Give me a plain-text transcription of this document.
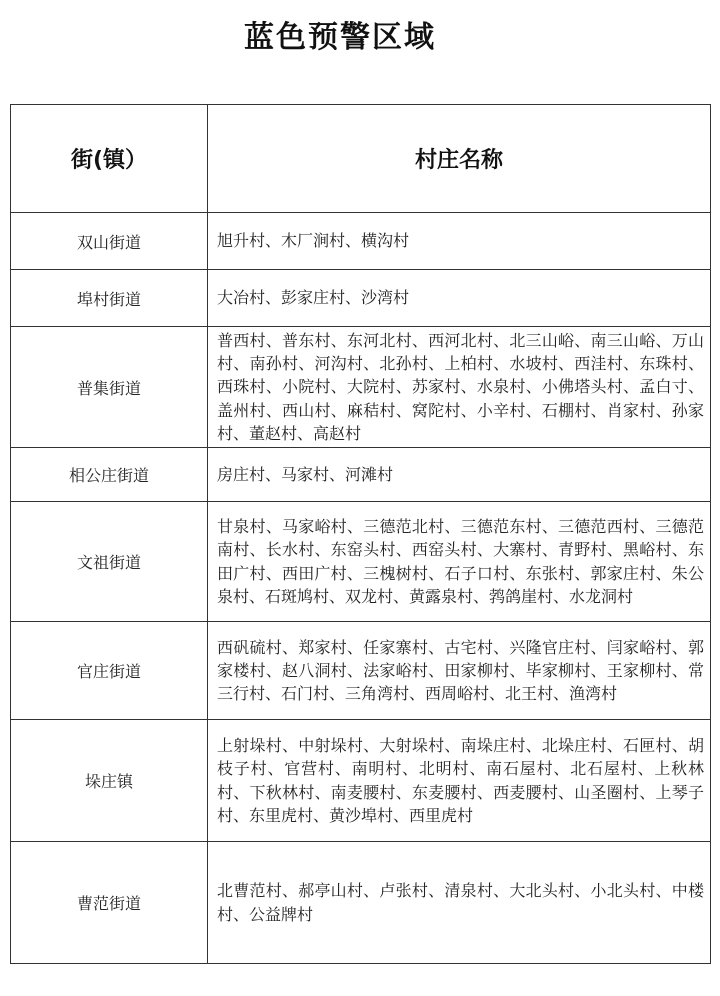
蓝色预警区域
街(镇）	村庄名称
双山街道	旭升村、木厂涧村、横沟村
埠村街道	大冶村、彭家庄村、沙湾村
普集街道	普西村、普东村、东河北村、西河北村、北三山峪、南三山峪、万山村、南孙村、河沟村、北孙村、上柏村、水坡村、西洼村、东珠村、西珠村、小院村、大院村、苏家村、水泉村、小佛塔头村、孟白寸、盖州村、西山村、麻秸村、窝陀村、小辛村、石棚村、肖家村、孙家村、董赵村、高赵村
相公庄街道	房庄村、马家村、河滩村
文祖街道	甘泉村、马家峪村、三德范北村、三德范东村、三德范西村、三德范南村、长水村、东窑头村、西窑头村、大寨村、青野村、黑峪村、东田广村、西田广村、三槐树村、石子口村、东张村、郭家庄村、朱公泉村、石斑鸠村、双龙村、黄露泉村、鹁鸽崖村、水龙洞村
官庄街道	西矾硫村、郑家村、任家寨村、古宅村、兴隆官庄村、闫家峪村、郭家楼村、赵八洞村、法家峪村、田家柳村、毕家柳村、王家柳村、常三行村、石门村、三角湾村、西周峪村、北王村、渔湾村
垛庄镇	上射垛村、中射垛村、大射垛村、南垛庄村、北垛庄村、石匣村、胡枝子村、官营村、南明村、北明村、南石屋村、北石屋村、上秋林村、下秋林村、南麦腰村、东麦腰村、西麦腰村、山圣圈村、上琴子村、东里虎村、黄沙埠村、西里虎村
曹范街道	北曹范村、郝亭山村、卢张村、清泉村、大北头村、小北头村、中楼村、公益牌村
